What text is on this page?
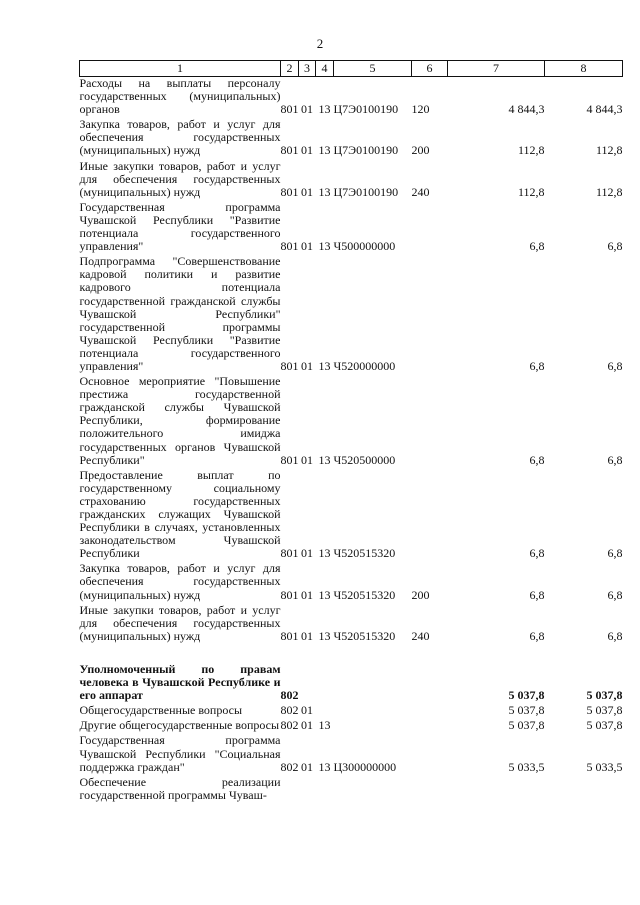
2
1	2	3	4	5	6	7	8
Расходы на выплаты персоналу государственных (муниципальных) органов	801	01	13	Ц7Э0100190	120	4 844,3	4 844,3
Закупка товаров, работ и услуг для обеспечения государственных (муниципальных) нужд	801	01	13	Ц7Э0100190	200	112,8	112,8
Иные закупки товаров, работ и услуг для обеспечения государственных (муниципальных) нужд	801	01	13	Ц7Э0100190	240	112,8	112,8
Государственная программа Чувашской Республики "Развитие потенциала государственного управления"	801	01	13	Ч500000000		6,8	6,8
Подпрограмма "Совершенствование кадровой политики и развитие кадрового потенциала государственной гражданской службы Чувашской Республики" государственной программы Чувашской Республики "Развитие потенциала государственного управления"	801	01	13	Ч520000000		6,8	6,8
Основное мероприятие "Повышение престижа государственной гражданской службы Чувашской Республики, формирование положительного имиджа государственных органов Чувашской Республики"	801	01	13	Ч520500000		6,8	6,8
Предоставление выплат по государственному социальному страхованию государственных гражданских служащих Чувашской Республики в случаях, установленных законодательством Чувашской Республики	801	01	13	Ч520515320		6,8	6,8
Закупка товаров, работ и услуг для обеспечения государственных (муниципальных) нужд	801	01	13	Ч520515320	200	6,8	6,8
Иные закупки товаров, работ и услуг для обеспечения государственных (муниципальных) нужд	801	01	13	Ч520515320	240	6,8	6,8

Уполномоченный по правам человека в Чувашской Республике и его аппарат	802					5 037,8	5 037,8
Общегосударственные вопросы	802	01				5 037,8	5 037,8
Другие общегосударственные вопросы	802	01	13			5 037,8	5 037,8
Государственная программа Чувашской Республики "Социальная поддержка граждан"	802	01	13	Ц300000000		5 033,5	5 033,5
Обеспечение реализации государственной программы Чуваш-							
